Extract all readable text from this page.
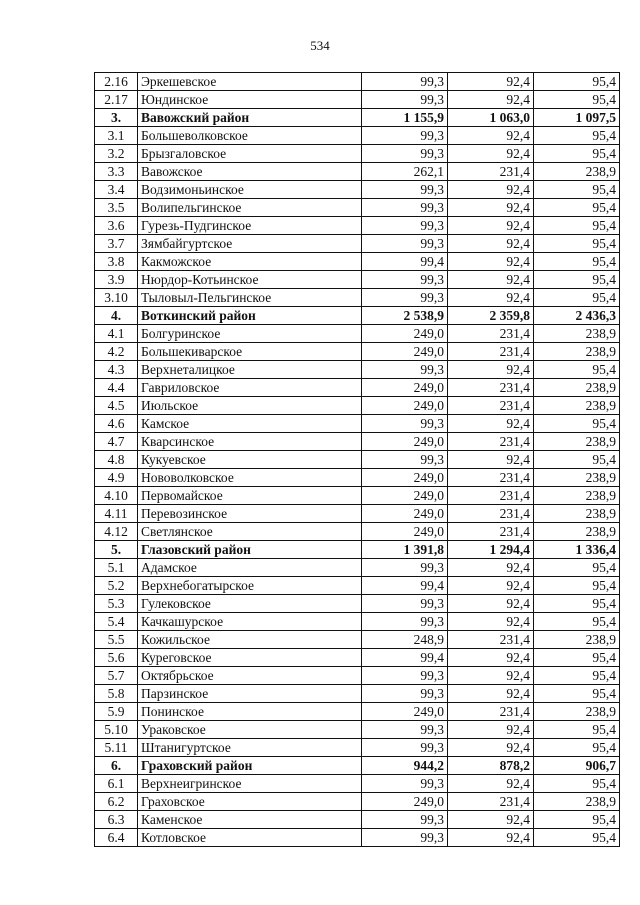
534
2.16	Эркешевское	99,3	92,4	95,4
2.17	Юндинское	99,3	92,4	95,4
3.	Вавожский район	1 155,9	1 063,0	1 097,5
3.1	Большеволковское	99,3	92,4	95,4
3.2	Брызгаловское	99,3	92,4	95,4
3.3	Вавожское	262,1	231,4	238,9
3.4	Водзимоньинское	99,3	92,4	95,4
3.5	Волипельгинское	99,3	92,4	95,4
3.6	Гурезь-Пудгинское	99,3	92,4	95,4
3.7	Зямбайгуртское	99,3	92,4	95,4
3.8	Какможское	99,4	92,4	95,4
3.9	Нюрдор-Котьинское	99,3	92,4	95,4
3.10	Тыловыл-Пельгинское	99,3	92,4	95,4
4.	Воткинский район	2 538,9	2 359,8	2 436,3
4.1	Болгуринское	249,0	231,4	238,9
4.2	Большекиварское	249,0	231,4	238,9
4.3	Верхнеталицкое	99,3	92,4	95,4
4.4	Гавриловское	249,0	231,4	238,9
4.5	Июльское	249,0	231,4	238,9
4.6	Камское	99,3	92,4	95,4
4.7	Кварсинское	249,0	231,4	238,9
4.8	Кукуевское	99,3	92,4	95,4
4.9	Нововолковское	249,0	231,4	238,9
4.10	Первомайское	249,0	231,4	238,9
4.11	Перевозинское	249,0	231,4	238,9
4.12	Светлянское	249,0	231,4	238,9
5.	Глазовский район	1 391,8	1 294,4	1 336,4
5.1	Адамское	99,3	92,4	95,4
5.2	Верхнебогатырское	99,4	92,4	95,4
5.3	Гулековское	99,3	92,4	95,4
5.4	Качкашурское	99,3	92,4	95,4
5.5	Кожильское	248,9	231,4	238,9
5.6	Куреговское	99,4	92,4	95,4
5.7	Октябрьское	99,3	92,4	95,4
5.8	Парзинское	99,3	92,4	95,4
5.9	Понинское	249,0	231,4	238,9
5.10	Ураковское	99,3	92,4	95,4
5.11	Штанигуртское	99,3	92,4	95,4
6.	Граховский район	944,2	878,2	906,7
6.1	Верхнеигринское	99,3	92,4	95,4
6.2	Граховское	249,0	231,4	238,9
6.3	Каменское	99,3	92,4	95,4
6.4	Котловское	99,3	92,4	95,4
